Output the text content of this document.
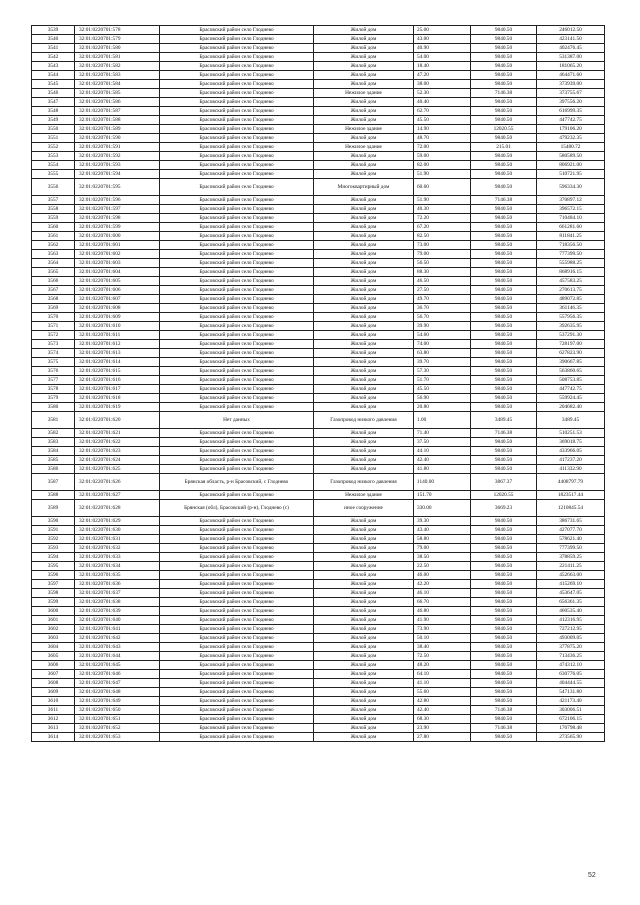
3539	32:01:0220701:578	Брасовский район село Глоднево	Жилой дом	25.00	9840.50	246012.50
3540	32:01:0220701:579	Брасовский район село Глоднево	Жилой дом	43.00	9840.50	423141.50
3541	32:01:0220701:580	Брасовский район село Глоднево	Жилой дом	40.90	9840.50	402476.45
3542	32:01:0220701:581	Брасовский район село Глоднево	Жилой дом	54.00	9840.50	531387.00
3543	32:01:0220701:582	Брасовский район село Глоднево	Жилой дом	18.40	9840.50	181065.20
3544	32:01:0220701:583	Брасовский район село Глоднево	Жилой дом	47.20	9840.50	464471.60
3545	32:01:0220701:584	Брасовский район село Глоднево	Жилой дом	38.00	9840.50	373939.00
3546	32:01:0220701:585	Брасовский район село Глоднево	Нежилое здание	52.30	7146.38	373755.67
3547	32:01:0220701:586	Брасовский район село Глоднево	Жилой дом	40.40	9840.50	397556.20
3548	32:01:0220701:587	Брасовский район село Глоднево	Жилой дом	62.70	9840.50	616999.35
3549	32:01:0220701:588	Брасовский район село Глоднево	Жилой дом	45.50	9840.50	447742.75
3550	32:01:0220701:589	Брасовский район село Глоднево	Нежилое здание	14.90	12020.55	179106.20
3551	32:01:0220701:590	Брасовский район село Глоднево	Жилой дом	48.70	9840.50	479232.35
3552	32:01:0220701:591	Брасовский район село Глоднево	Нежилое здание	72.00	215.01	15480.72
3553	32:01:0220701:592	Брасовский район село Глоднево	Жилой дом	59.00	9840.50	580589.50
3554	32:01:0220701:593	Брасовский район село Глоднево	Жилой дом	82.00	9840.50	806921.00
3555	32:01:0220701:594	Брасовский район село Глоднево	Жилой дом	51.90	9840.50	510721.95
3556	32:01:0220701:595	Брасовский район село Глоднево	Многоквартирный дом	60.60	9840.50	596334.30
3557	32:01:0220701:596	Брасовский район село Глоднево	Жилой дом	51.90	7146.38	370897.12
3558	32:01:0220701:597	Брасовский район село Глоднево	Жилой дом	40.30	9840.50	396572.15
3559	32:01:0220701:598	Брасовский район село Глоднево	Жилой дом	72.20	9840.50	710484.10
3560	32:01:0220701:599	Брасовский район село Глоднево	Жилой дом	67.20	9840.50	661281.60
3561	32:01:0220701:600	Брасовский район село Глоднево	Жилой дом	82.50	9840.50	811841.25
3562	32:01:0220701:601	Брасовский район село Глоднево	Жилой дом	73.00	9840.50	718356.50
3563	32:01:0220701:602	Брасовский район село Глоднево	Жилой дом	79.00	9840.50	777399.50
3564	32:01:0220701:603	Брасовский район село Глоднево	Жилой дом	56.50	9840.50	555988.25
3565	32:01:0220701:604	Брасовский район село Глоднево	Жилой дом	88.30	9840.50	868916.15
3566	32:01:0220701:605	Брасовский район село Глоднево	Жилой дом	46.50	9840.50	457583.25
3567	32:01:0220701:606	Брасовский район село Глоднево	Жилой дом	27.50	9840.50	270613.75
3568	32:01:0220701:607	Брасовский район село Глоднево	Жилой дом	49.70	9840.50	489072.85
3569	32:01:0220701:608	Брасовский район село Глоднево	Жилой дом	36.70	9840.50	361146.35
3570	32:01:0220701:609	Брасовский район село Глоднево	Жилой дом	56.70	9840.50	557956.35
3571	32:01:0220701:610	Брасовский район село Глоднево	Жилой дом	39.90	9840.50	392635.95
3572	32:01:0220701:611	Брасовский район село Глоднево	Жилой дом	54.60	9840.50	537291.30
3573	32:01:0220701:612	Брасовский район село Глоднево	Жилой дом	74.00	9840.50	728197.00
3574	32:01:0220701:613	Брасовский район село Глоднево	Жилой дом	63.80	9840.50	627823.90
3575	32:01:0220701:614	Брасовский район село Глоднево	Жилой дом	39.70	9840.50	390667.85
3576	32:01:0220701:615	Брасовский район село Глоднево	Жилой дом	57.30	9840.50	563860.65
3577	32:01:0220701:616	Брасовский район село Глоднево	Жилой дом	51.70	9840.50	508753.85
3578	32:01:0220701:617	Брасовский район село Глоднево	Жилой дом	45.50	9840.50	447742.75
3579	32:01:0220701:618	Брасовский район село Глоднево	Жилой дом	56.90	9840.50	559924.45
3580	32:01:0220701:619	Брасовский район село Глоднево	Жилой дом	20.80	9840.50	204682.40
3581	32:01:0220701:620	Нет данных	Газопровод низкого давления	1.00	3489.45	3489.45
3582	32:01:0220701:621	Брасовский район село Глоднево	Жилой дом	71.40	7146.38	510251.53
3583	32:01:0220701:622	Брасовский район село Глоднево	Жилой дом	37.50	9840.50	369018.75
3584	32:01:0220701:623	Брасовский район село Глоднево	Жилой дом	44.10	9840.50	433966.05
3585	32:01:0220701:624	Брасовский район село Глоднево	Жилой дом	42.40	9840.50	417237.20
3586	32:01:0220701:625	Брасовский район село Глоднево	Жилой дом	41.80	9840.50	411332.90
3587	32:01:0220701:626	Брянская область, р-н Брасовский, с Глоднево	Газопровод низкого давления	1140.00	3867.37	4408797.79
3588	32:01:0220701:627	Брасовский район село Глоднево	Нежилое здание	151.70	12020.55	1823517.44
3589	32:01:0220701:628	Брянская (обл), Брасовский (р-н), Глоднево (с)	иное сооружение	330.00	3669.23	1210845.54
3590	32:01:0220701:629	Брасовский район село Глоднево	Жилой дом	39.30	9840.50	386731.65
3591	32:01:0220701:630	Брасовский район село Глоднево	Жилой дом	43.40	9840.50	427077.70
3592	32:01:0220701:631	Брасовский район село Глоднево	Жилой дом	58.80	9840.50	578621.40
3593	32:01:0220701:632	Брасовский район село Глоднево	Жилой дом	79.00	9840.50	777399.50
3594	32:01:0220701:633	Брасовский район село Глоднево	Жилой дом	38.50	9840.50	378859.25
3595	32:01:0220701:634	Брасовский район село Глоднево	Жилой дом	22.50	9840.50	221411.25
3596	32:01:0220701:635	Брасовский район село Глоднево	Жилой дом	46.00	9840.50	452663.00
3597	32:01:0220701:636	Брасовский район село Глоднево	Жилой дом	42.20	9840.50	415269.10
3598	32:01:0220701:637	Брасовский район село Глоднево	Жилой дом	46.10	9840.50	453647.05
3599	32:01:0220701:638	Брасовский район село Глоднево	Жилой дом	66.70	9840.50	656361.35
3600	32:01:0220701:639	Брасовский район село Глоднево	Жилой дом	46.80	9840.50	460535.40
3601	32:01:0220701:640	Брасовский район село Глоднево	Жилой дом	41.90	9840.50	412316.95
3602	32:01:0220701:641	Брасовский район село Глоднево	Жилой дом	73.90	9840.50	727212.95
3603	32:01:0220701:642	Брасовский район село Глоднево	Жилой дом	50.10	9840.50	493009.05
3604	32:01:0220701:643	Брасовский район село Глоднево	Жилой дом	38.40	9840.50	377875.20
3605	32:01:0220701:644	Брасовский район село Глоднево	Жилой дом	72.50	9840.50	713436.25
3606	32:01:0220701:645	Брасовский район село Глоднево	Жилой дом	48.20	9840.50	474312.10
3607	32:01:0220701:646	Брасовский район село Глоднево	Жилой дом	64.10	9840.50	630776.05
3608	32:01:0220701:647	Брасовский район село Глоднево	Жилой дом	41.10	9840.50	404444.55
3609	32:01:0220701:648	Брасовский район село Глоднево	Жилой дом	55.60	9840.50	547131.80
3610	32:01:0220701:649	Брасовский район село Глоднево	Жилой дом	42.80	9840.50	421173.40
3611	32:01:0220701:650	Брасовский район село Глоднево	Жилой дом	42.40	7146.38	303006.51
3612	32:01:0220701:651	Брасовский район село Глоднево	Жилой дом	68.30	9840.50	672106.15
3613	32:01:0220701:652	Брасовский район село Глоднево	Жилой дом	23.90	7146.38	170798.48
3614	32:01:0220701:653	Брасовский район село Глоднево	Жилой дом	27.80	9840.50	273565.90
52
